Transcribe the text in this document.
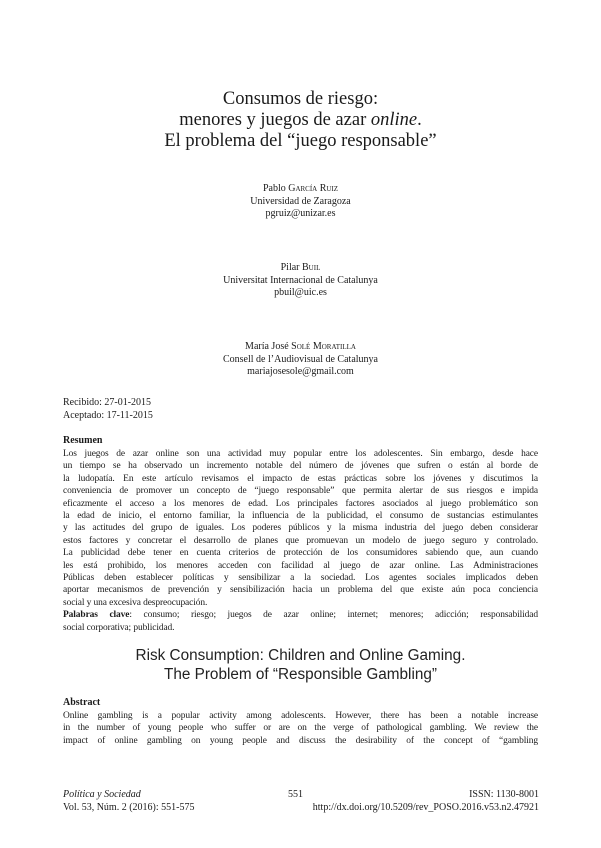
Consumos de riesgo:
menores y juegos de azar online.
El problema del “juego responsable”
Pablo García Ruiz
Universidad de Zaragoza
pgruiz@unizar.es
Pilar Buil
Universitat Internacional de Catalunya
pbuil@uic.es
María José Solé Moratilla
Consell de l’Audiovisual de Catalunya
mariajosesole@gmail.com
Recibido: 27-01-2015
Aceptado: 17-11-2015
Resumen
Los juegos de azar online son una actividad muy popular entre los adolescentes. Sin embargo, desde hace
un tiempo se ha observado un incremento notable del número de jóvenes que sufren o están al borde de
la ludopatía. En este artículo revisamos el impacto de estas prácticas sobre los jóvenes y discutimos la
conveniencia de promover un concepto de “juego responsable” que permita alertar de sus riesgos e impida
eficazmente el acceso a los menores de edad. Los principales factores asociados al juego problemático son
la edad de inicio, el entorno familiar, la influencia de la publicidad, el consumo de sustancias estimulantes
y las actitudes del grupo de iguales. Los poderes públicos y la misma industria del juego deben considerar
estos factores y concretar el desarrollo de planes que promuevan un modelo de juego seguro y controlado.
La publicidad debe tener en cuenta criterios de protección de los consumidores sabiendo que, aun cuando
les está prohibido, los menores acceden con facilidad al juego de azar online. Las Administraciones
Públicas deben establecer políticas y sensibilizar a la sociedad. Los agentes sociales implicados deben
aportar mecanismos de prevención y sensibilización hacia un problema del que existe aún poca conciencia
social y una excesiva despreocupación.
Palabras clave: consumo; riesgo; juegos de azar online; internet; menores; adicción; responsabilidad
social corporativa; publicidad.
Risk Consumption: Children and Online Gaming.
The Problem of “Responsible Gambling”
Abstract
Online gambling is a popular activity among adolescents. However, there has been a notable increase
in the number of young people who suffer or are on the verge of pathological gambling. We review the
impact of online gambling on young people and discuss the desirability of the concept of “gambling
Política y Sociedad
Vol. 53, Núm. 2 (2016): 551-575
551	ISSN: 1130-8001
http://dx.doi.org/10.5209/rev_POSO.2016.v53.n2.47921
